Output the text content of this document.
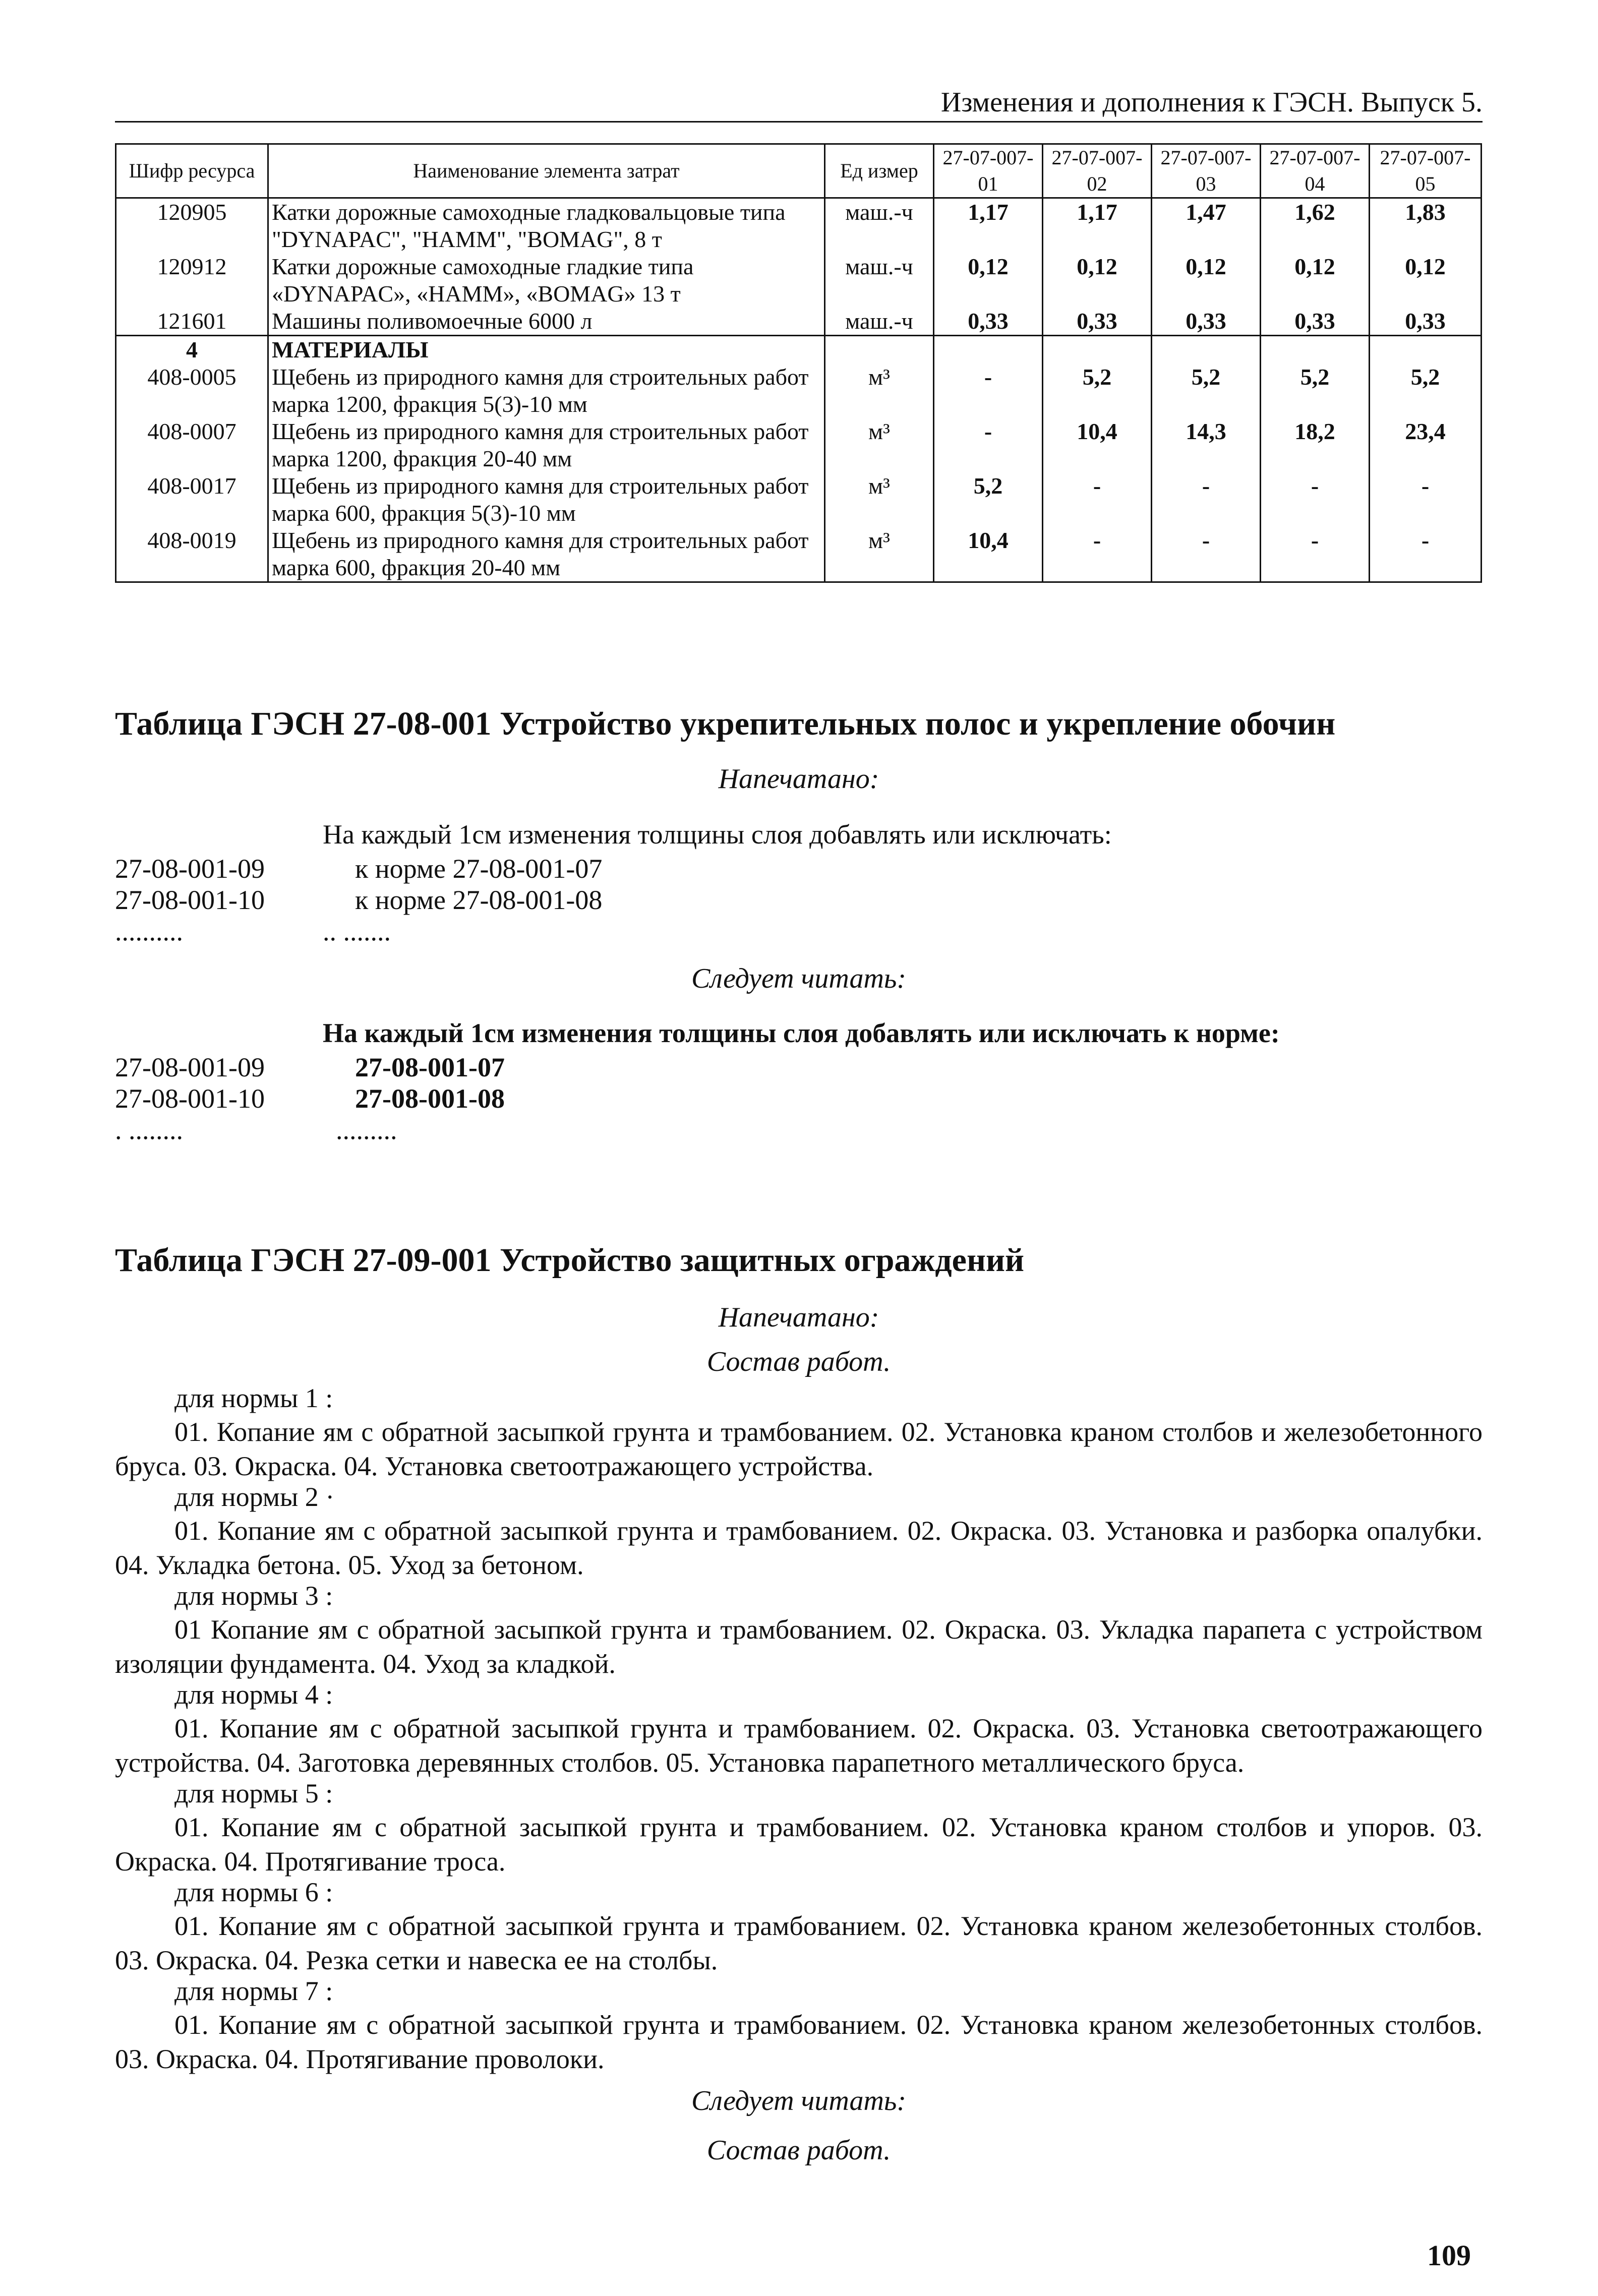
Изменения и дополнения к ГЭСН. Выпуск 5.
Шифр ресурса	Наименование элемента затрат	Ед измер	27-07-007-01	27-07-007-02	27-07-007-03	27-07-007-04	27-07-007-05
120905	Катки дорожные самоходные гладковальцовые типа "DYNAPAC", "HAMM", "BOMAG", 8 т	маш.-ч	1,17	1,17	1,47	1,62	1,83
120912	Катки дорожные самоходные гладкие типа «DYNAPAC», «HAMM», «BOMAG» 13 т	маш.-ч	0,12	0,12	0,12	0,12	0,12
121601	Машины поливомоечные 6000 л	маш.-ч	0,33	0,33	0,33	0,33	0,33
4	МАТЕРИАЛЫ						
408-0005	Щебень из природного камня для строительных работ марка 1200, фракция 5(3)-10 мм	м³	-	5,2	5,2	5,2	5,2
408-0007	Щебень из природного камня для строительных работ марка 1200, фракция 20-40 мм	м³	-	10,4	14,3	18,2	23,4
408-0017	Щебень из природного камня для строительных работ марка 600, фракция 5(3)-10 мм	м³	5,2	-	-	-	-
408-0019	Щебень из природного камня для строительных работ марка 600, фракция 20-40 мм	м³	10,4	-	-	-	-
Таблица ГЭСН 27-08-001 Устройство укрепительных полос и укрепление обочин
Напечатано:
На каждый 1см изменения толщины слоя добавлять или исключать:
27-08-001-09	к норме 27-08-001-07
27-08-001-10	к норме 27-08-001-08
..........	.. .......
Следует читать:
На каждый 1см изменения толщины слоя добавлять или исключать к норме:
27-08-001-09	27-08-001-07
27-08-001-10	27-08-001-08
. ........	.........
Таблица ГЭСН 27-09-001 Устройство защитных ограждений
Напечатано:
Состав работ.
для нормы 1 :
01. Копание ям с обратной засыпкой грунта и трамбованием. 02. Установка краном столбов и железобетонного бруса. 03. Окраска. 04. Установка светоотражающего устройства.
для нормы 2 ·
01. Копание ям с обратной засыпкой грунта и трамбованием. 02. Окраска. 03. Установка и разборка опалубки. 04. Укладка бетона. 05. Уход за бетоном.
для нормы 3 :
01 Копание ям с обратной засыпкой грунта и трамбованием. 02. Окраска. 03. Укладка парапета с устройством изоляции фундамента. 04. Уход за кладкой.
для нормы 4 :
01. Копание ям с обратной засыпкой грунта и трамбованием. 02. Окраска. 03. Установка светоотражающего устройства. 04. Заготовка деревянных столбов. 05. Установка парапетного металлического бруса.
для нормы 5 :
01. Копание ям с обратной засыпкой грунта и трамбованием. 02. Установка краном столбов и упоров. 03. Окраска. 04. Протягивание троса.
для нормы 6 :
01. Копание ям с обратной засыпкой грунта и трамбованием. 02. Установка краном железобетонных столбов. 03. Окраска. 04. Резка сетки и навеска ее на столбы.
для нормы 7 :
01. Копание ям с обратной засыпкой грунта и трамбованием. 02. Установка краном железобетонных столбов. 03. Окраска. 04. Протягивание проволоки.
Следует читать:
Состав работ.
109
